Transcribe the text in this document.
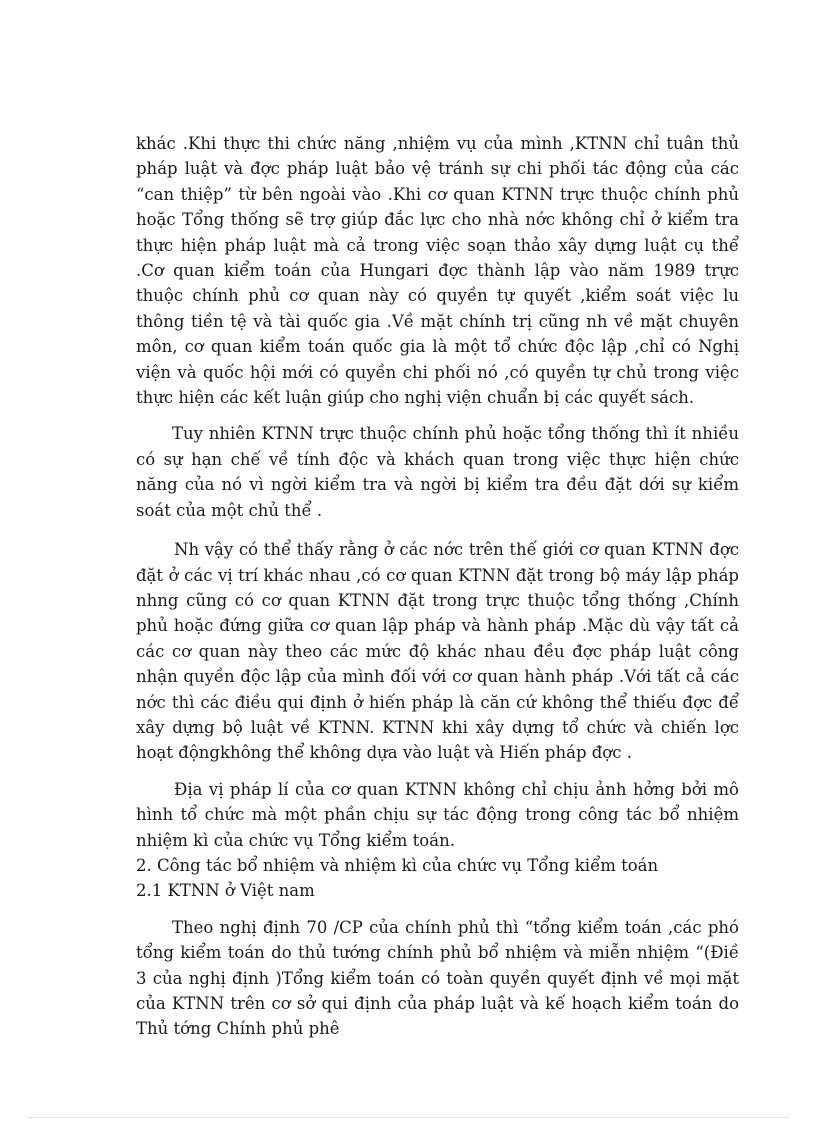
khác .Khi thực thi chức năng ,nhiệm vụ của mình ,KTNN chỉ tuân thủ pháp luật và đợc pháp luật bảo vệ tránh sự chi phối tác động của các “can thiệp” từ bên ngoài vào .Khi cơ quan KTNN trực thuộc chính phủ hoặc Tổng thống sẽ trợ giúp đắc lực cho nhà nớc không chỉ ở kiểm tra thực hiện pháp luật mà cả trong việc soạn thảo xây dựng luật cụ thể .Cơ quan kiểm toán của Hungari đợc thành lập vào năm 1989 trực thuộc chính phủ cơ quan này có quyền tự quyết ,kiểm soát việc lu thông tiền tệ và tài quốc gia .Về mặt chính trị cũng nh về mặt chuyên môn, cơ quan kiểm toán quốc gia là một tổ chức độc lập ,chỉ có Nghị viện và quốc hội mới có quyền chi phối nó ,có quyền tự chủ trong việc thực hiện các kết luận giúp cho nghị viện chuẩn bị các quyết sách.

Tuy nhiên KTNN trực thuộc chính phủ hoặc tổng thống thì ít nhiều có sự hạn chế về tính độc và khách quan trong việc thực hiện chức năng của nó vì ngời kiểm tra và ngời bị kiểm tra đều đặt dới sự kiểm soát của một chủ thể .

Nh vậy có thể thấy rằng ở các nớc trên thế giới cơ quan KTNN đợc đặt ở các vị trí khác nhau ,có cơ quan KTNN đặt trong bộ máy lập pháp nhng cũng có cơ quan KTNN đặt trong trực thuộc tổng thống ,Chính phủ hoặc đứng giữa cơ quan lập pháp và hành pháp .Mặc dù vậy tất cả các cơ quan này theo các mức độ khác nhau đều đợc pháp luật công nhận quyền độc lập của mình đối với cơ quan hành pháp .Với tất cả các nớc thì các điều qui định ở hiến pháp là căn cứ không thể thiếu đợc để xây dựng bộ luật về KTNN. KTNN khi xây dựng tổ chức và chiến lợc hoạt độngkhông thể không dựa vào luật và Hiến pháp đợc .

Địa vị pháp lí của cơ quan KTNN không chỉ chịu ảnh hởng bởi mô hình tổ chức mà một phần chịu sự tác động trong công tác bổ nhiệm nhiệm kì của chức vụ Tổng kiểm toán.

2. Công tác bổ nhiệm và nhiệm kì của chức vụ Tổng kiểm toán

2.1 KTNN ở Việt nam

Theo nghị định 70 /CP của chính phủ thì “tổng kiểm toán ,các phó tổng kiểm toán do thủ tướng chính phủ bổ nhiệm và miễn nhiệm “(Điề 3 của nghị định )Tổng kiểm toán có toàn quyền quyết định về mọi mặt của KTNN trên cơ sở qui định của pháp luật và kế hoạch kiểm toán do Thủ tớng Chính phủ phê
